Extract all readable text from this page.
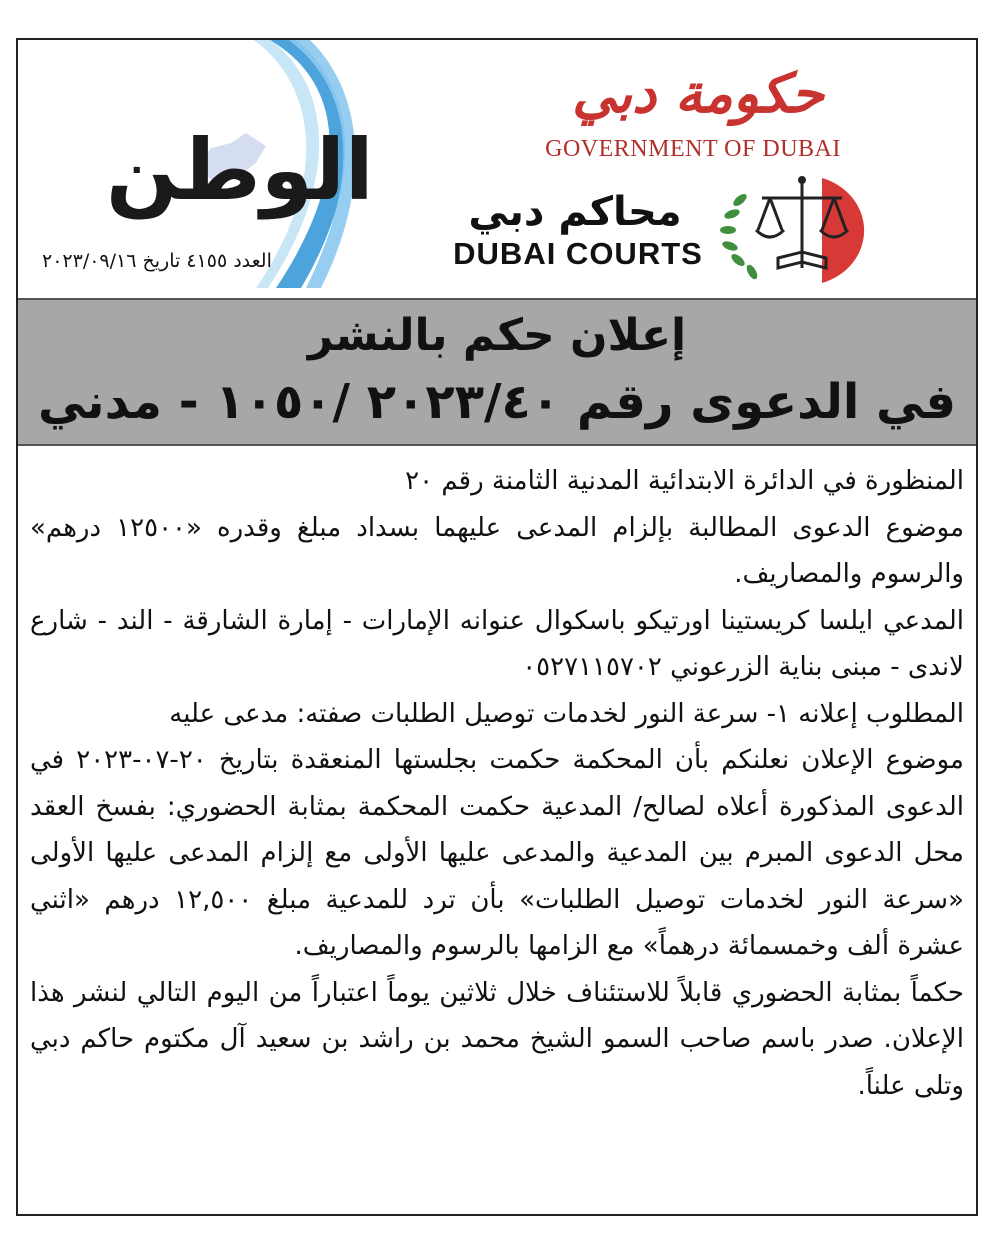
الوطن
العدد ٤١٥٥ تاريخ ٢٠٢٣/٠٩/١٦
حكومة دبي
GOVERNMENT OF DUBAI
محاكم دبي
DUBAI COURTS
إعلان حكم بالنشر
في الدعوى رقم ٢٠٢٣/٤٠ /١٠٥٠ - مدني

المنظورة في الدائرة الابتدائية المدنية الثامنة رقم ٢٠

موضوع الدعوى المطالبة بإلزام المدعى عليهما بسداد مبلغ وقدره «١٢٥٠٠ درهم» والرسوم والمصاريف.

المدعي ايلسا كريستينا اورتيكو باسكوال عنوانه الإمارات - إمارة الشارقة - الند - شارع لاندى - مبنى بناية الزرعوني ٠٥٢٧١١٥٧٠٢

المطلوب إعلانه ١- سرعة النور لخدمات توصيل الطلبات صفته: مدعى عليه

موضوع الإعلان نعلنكم بأن المحكمة حكمت بجلستها المنعقدة بتاريخ ٢٠-٠٧-٢٠٢٣ في الدعوى المذكورة أعلاه لصالح/ المدعية حكمت المحكمة بمثابة الحضوري: بفسخ العقد محل الدعوى المبرم بين المدعية والمدعى عليها الأولى مع إلزام المدعى عليها الأولى «سرعة النور لخدمات توصيل الطلبات» بأن ترد للمدعية مبلغ ١٢,٥٠٠ درهم «اثني عشرة ألف وخمسمائة درهماً» مع الزامها بالرسوم والمصاريف.

حكماً بمثابة الحضوري قابلاً للاستئناف خلال ثلاثين يوماً اعتباراً من اليوم التالي لنشر هذا الإعلان. صدر باسم صاحب السمو الشيخ محمد بن راشد بن سعيد آل مكتوم حاكم دبي وتلى علناً.
